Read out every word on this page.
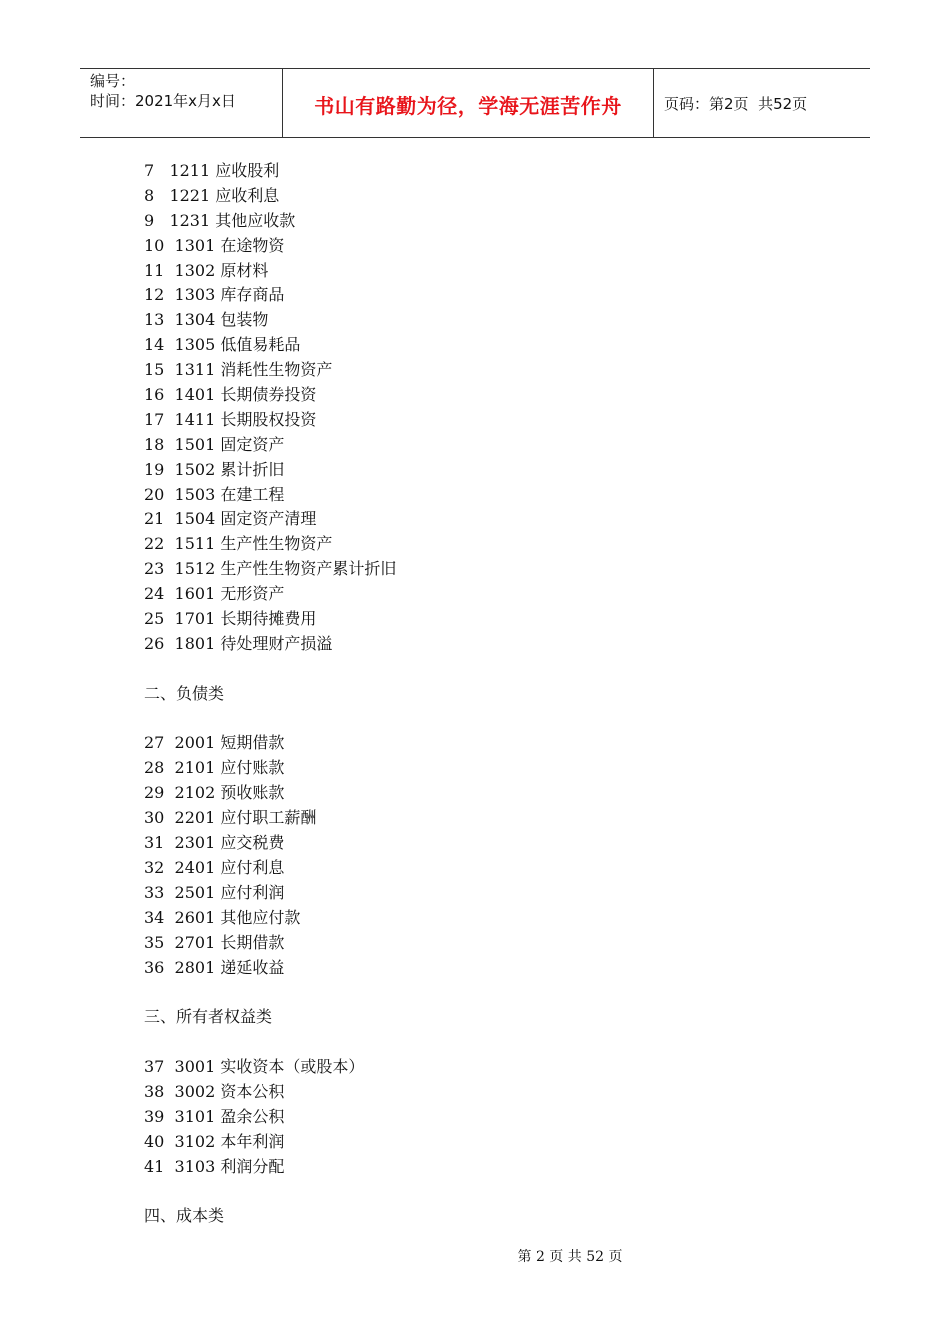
编号：
时间：2021年x月x日	书山有路勤为径，学海无涯苦作舟	页码：第2页  共52页
7   1211 应收股利
8   1221 应收利息
9   1231 其他应收款
10  1301 在途物资
11  1302 原材料
12  1303 库存商品
13  1304 包装物
14  1305 低值易耗品
15  1311 消耗性生物资产
16  1401 长期债券投资
17  1411 长期股权投资
18  1501 固定资产
19  1502 累计折旧
20  1503 在建工程
21  1504 固定资产清理
22  1511 生产性生物资产
23  1512 生产性生物资产累计折旧
24  1601 无形资产
25  1701 长期待摊费用
26  1801 待处理财产损溢
二、负债类
27  2001 短期借款
28  2101 应付账款
29  2102 预收账款
30  2201 应付职工薪酬
31  2301 应交税费
32  2401 应付利息
33  2501 应付利润
34  2601 其他应付款
35  2701 长期借款
36  2801 递延收益
三、所有者权益类
37  3001 实收资本（或股本）
38  3002 资本公积
39  3101 盈余公积
40  3102 本年利润
41  3103 利润分配
四、成本类
第 2 页 共 52 页
